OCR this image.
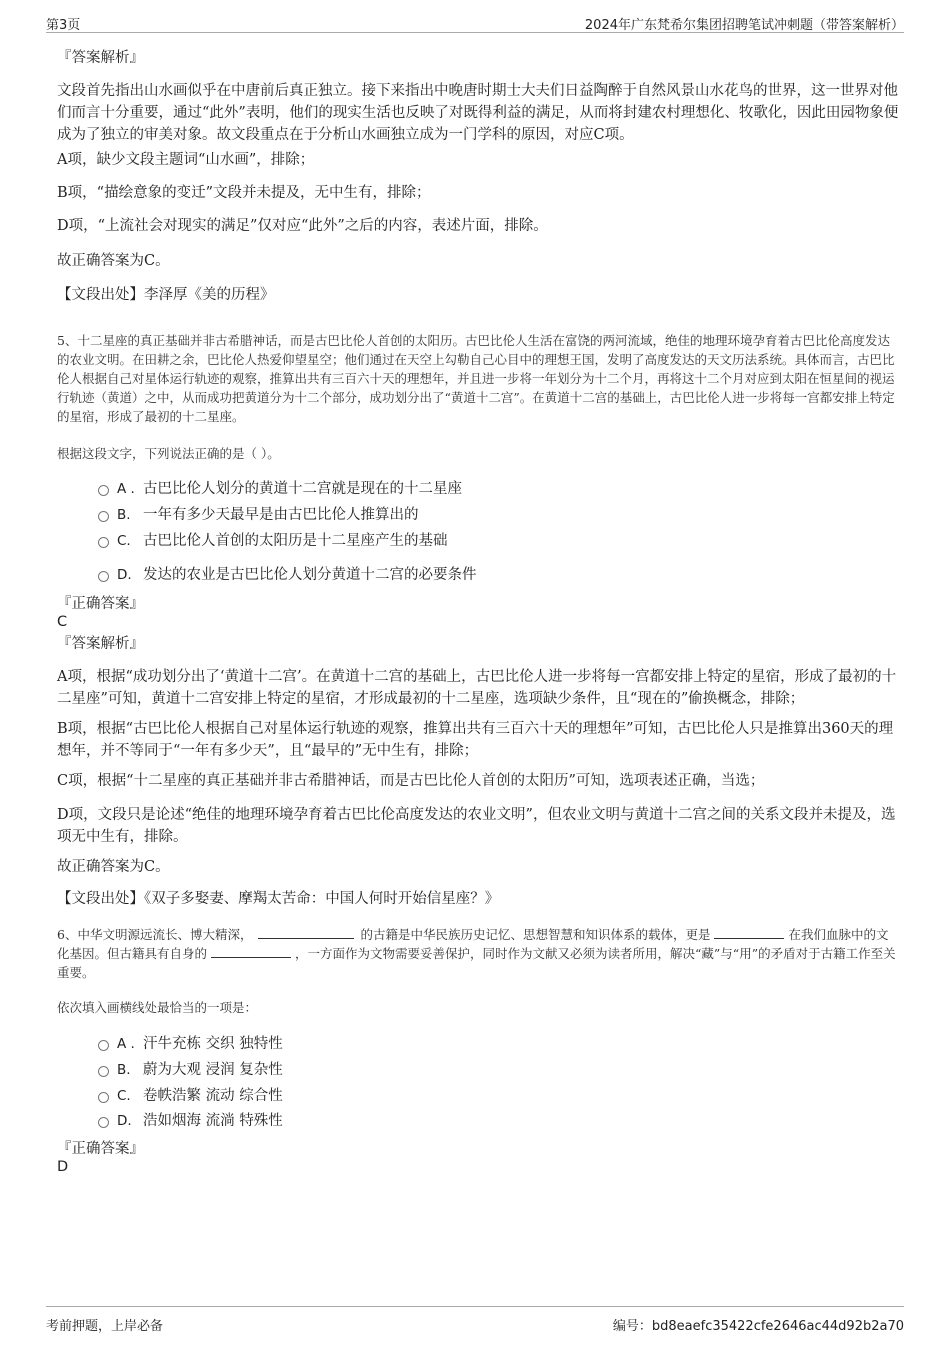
第3页	2024年广东梵希尔集团招聘笔试冲刺题（带答案解析）
『答案解析』
文段首先指出山水画似乎在中唐前后真正独立。接下来指出中晚唐时期士大夫们日益陶醉于自然风景山水花鸟的世界，这一世界对他们而言十分重要，通过“此外”表明，他们的现实生活也反映了对既得利益的满足，从而将封建农村理想化、牧歌化，因此田园物象便成为了独立的审美对象。故文段重点在于分析山水画独立成为一门学科的原因，对应C项。
A项，缺少文段主题词“山水画”，排除；
B项，“描绘意象的变迁”文段并未提及，无中生有，排除；
D项，“上流社会对现实的满足”仅对应“此外”之后的内容，表述片面，排除。
故正确答案为C。
【文段出处】李泽厚《美的历程》
5、十二星座的真正基础并非古希腊神话，而是古巴比伦人首创的太阳历。古巴比伦人生活在富饶的两河流域，绝佳的地理环境孕育着古巴比伦高度发达的农业文明。在田耕之余，巴比伦人热爱仰望星空；他们通过在天空上勾勒自己心目中的理想王国，发明了高度发达的天文历法系统。具体而言，古巴比伦人根据自己对星体运行轨迹的观察，推算出共有三百六十天的理想年，并且进一步将一年划分为十二个月，再将这十二个月对应到太阳在恒星间的视运行轨迹（黄道）之中，从而成功把黄道分为十二个部分，成功划分出了“黄道十二宫”。在黄道十二宫的基础上，古巴比伦人进一步将每一宫都安排上特定的星宿，形成了最初的十二星座。
根据这段文字，下列说法正确的是（ ）。
A . 古巴比伦人划分的黄道十二宫就是现在的十二星座
B. 一年有多少天最早是由古巴比伦人推算出的
C. 古巴比伦人首创的太阳历是十二星座产生的基础
D. 发达的农业是古巴比伦人划分黄道十二宫的必要条件
『正确答案』
C
『答案解析』
A项，根据“成功划分出了‘黄道十二宫’。在黄道十二宫的基础上，古巴比伦人进一步将每一宫都安排上特定的星宿，形成了最初的十二星座”可知，黄道十二宫安排上特定的星宿，才形成最初的十二星座，选项缺少条件，且“现在的”偷换概念，排除；
B项，根据“古巴比伦人根据自己对星体运行轨迹的观察，推算出共有三百六十天的理想年”可知，古巴比伦人只是推算出360天的理想年，并不等同于“一年有多少天”，且“最早的”无中生有，排除；
C项，根据“十二星座的真正基础并非古希腊神话，而是古巴比伦人首创的太阳历”可知，选项表述正确，当选；
D项，文段只是论述“绝佳的地理环境孕育着古巴比伦高度发达的农业文明”，但农业文明与黄道十二宫之间的关系文段并未提及，选项无中生有，排除。
故正确答案为C。
【文段出处】《双子多娶妻、摩羯太苦命：中国人何时开始信星座？》
6、中华文明源远流长、博大精深，	的古籍是中华民族历史记忆、思想智慧和知识体系的载体，更是	在我们血脉中的文化基因。但古籍具有自身的	，一方面作为文物需要妥善保护，同时作为文献又必须为读者所用，解决“藏”与“用”的矛盾对于古籍工作至关重要。
依次填入画横线处最恰当的一项是：
A . 汗牛充栋 交织 独特性
B. 蔚为大观 浸润 复杂性
C. 卷帙浩繁 流动 综合性
D. 浩如烟海 流淌 特殊性
『正确答案』
D
考前押题，上岸必备	编号：bd8eaefc35422cfe2646ac44d92b2a70
